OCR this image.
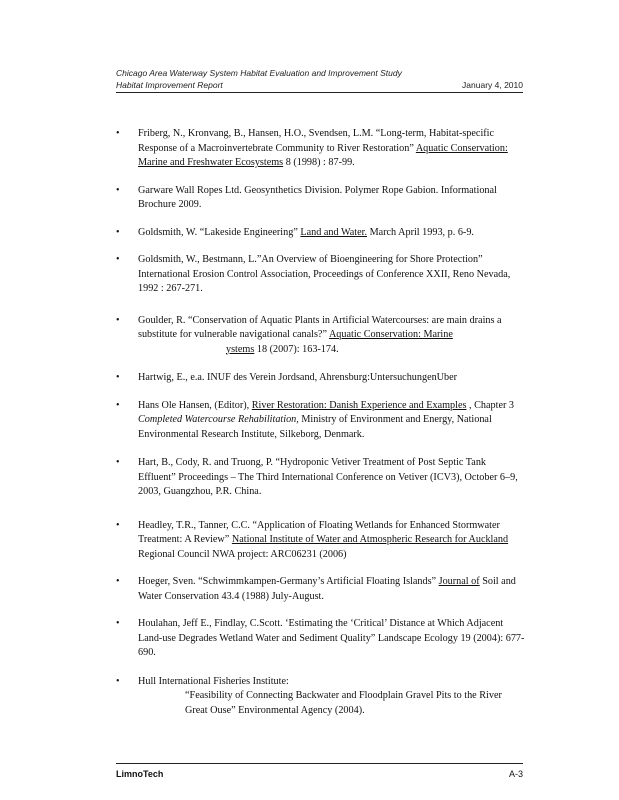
Chicago Area Waterway System Habitat Evaluation and Improvement Study
Habitat Improvement Report	January 4, 2010
• Friberg, N., Kronvang, B., Hansen, H.O., Svendsen, L.M. “Long-term, Habitat-specific Response of a Macroinvertebrate Community to River Restoration” Aquatic Conservation: Marine and Freshwater Ecosystems 8 (1998) : 87-99.
• Garware Wall Ropes Ltd. Geosynthetics Division. Polymer Rope Gabion. Informational Brochure 2009.
• Goldsmith, W. “Lakeside Engineering” Land and Water. March April 1993, p. 6-9.
• Goldsmith, W., Bestmann, L.”An Overview of Bioengineering for Shore Protection” International Erosion Control Association, Proceedings of Conference XXII, Reno Nevada, 1992 : 267-271.
• Goulder, R. “Conservation of Aquatic Plants in Artificial Watercourses: are main drains a substitute for vulnerable navigational canals?” Aquatic Conservation: Marineystems 18 (2007): 163-174.
• Hartwig, E., e.a. INUF des Verein Jordsand, Ahrensburg:UntersuchungenUber
• Hans Ole Hansen, (Editor), River Restoration: Danish Experience and Examples , Chapter 3 Completed Watercourse Rehabilitation, Ministry of Environment and Energy, National Environmental Research Institute, Silkeborg, Denmark.
• Hart, B., Cody, R. and Truong, P. “Hydroponic Vetiver Treatment of Post Septic Tank Effluent” Proceedings – The Third International Conference on Vetiver (ICV3), October 6–9, 2003, Guangzhou, P.R. China.
• Headley, T.R., Tanner, C.C. “Application of Floating Wetlands for Enhanced Stormwater Treatment: A Review” National Institute of Water and Atmospheric Research for Auckland Regional Council NWA project: ARC06231 (2006)
• Hoeger, Sven. “Schwimmkampen-Germany’s Artificial Floating Islands” Journal of Soil and Water Conservation 43.4 (1988) July-August.
• Houlahan, Jeff E., Findlay, C.Scott. ‘Estimating the ‘Critical’ Distance at Which Adjacent Land-use Degrades Wetland Water and Sediment Quality” Landscape Ecology 19 (2004): 677-690.
• Hull International Fisheries Institute:
“Feasibility of Connecting Backwater and Floodplain Gravel Pits to the River Great Ouse” Environmental Agency (2004).
LimnoTech	A-3
